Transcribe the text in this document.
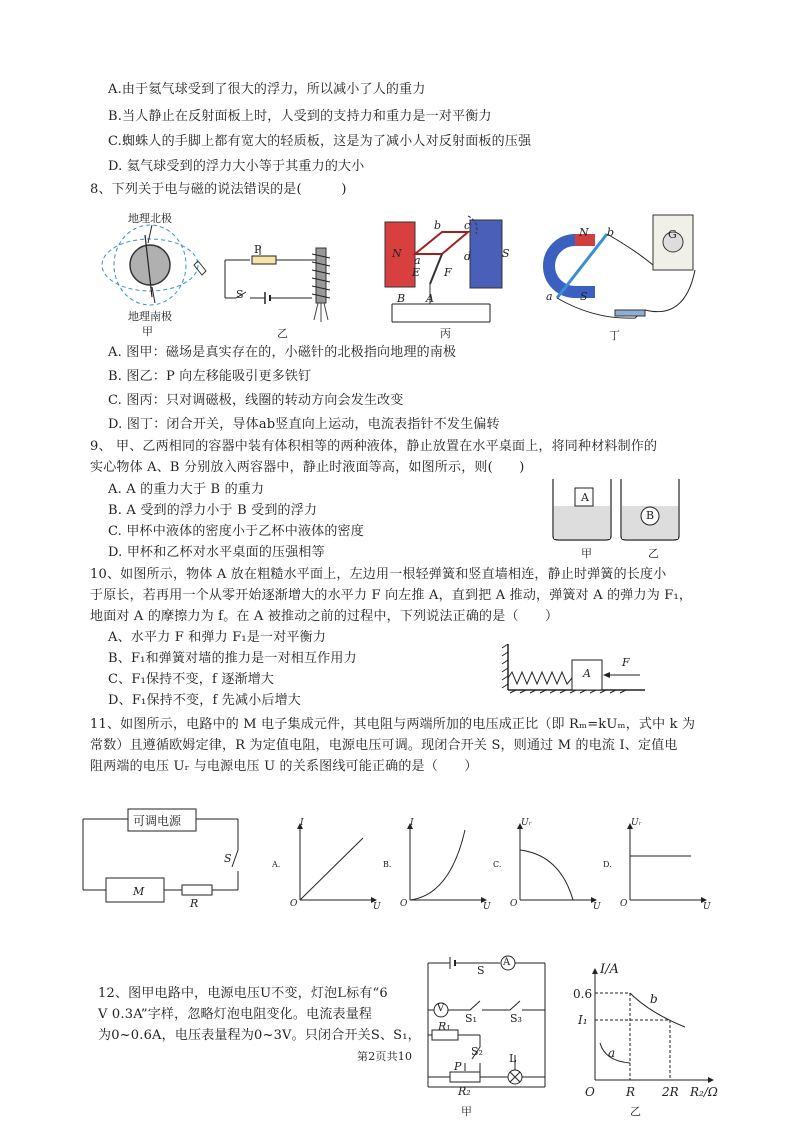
A.由于氦气球受到了很大的浮力，所以减小了人的重力
B.当人静止在反射面板上时，人受到的支持力和重力是一对平衡力
C.蜘蛛人的手脚上都有宽大的轻质板，这是为了减小人对反射面板的压强
D. 氦气球受到的浮力大小等于其重力的大小
8、下列关于电与磁的说法错误的是(　　　)
地理北极
地理南极
甲
P
S
乙
N	S
b c
a	d
E F
B A
丙
N
S
a
b	G
丁
A. 图甲：磁场是真实存在的，小磁针的北极指向地理的南极
B. 图乙：P 向左移能吸引更多铁钉
C. 图丙：只对调磁极，线圈的转动方向会发生改变
D. 图丁：闭合开关，导体ab竖直向上运动，电流表指针不发生偏转
9、 甲、乙两相同的容器中装有体积相等的两种液体，静止放置在水平桌面上，将同种材料制作的
实心物体 A、B 分别放入两容器中，静止时液面等高，如图所示，则(　　)
A. A 的重力大于 B 的重力
B. A 受到的浮力小于 B 受到的浮力
C. 甲杯中液体的密度小于乙杯中液体的密度
D. 甲杯和乙杯对水平桌面的压强相等
A
B
甲	乙
10、如图所示，物体 A 放在粗糙水平面上，左边用一根轻弹簧和竖直墙相连，静止时弹簧的长度小
于原长，若再用一个从零开始逐渐增大的水平力 F 向左推 A，直到把 A 推动，弹簧对 A 的弹力为 F₁，
地面对 A 的摩擦力为 f。在 A 被推动之前的过程中，下列说法正确的是（　　）
A、水平力 F 和弹力 F₁是一对平衡力
B、F₁和弹簧对墙的推力是一对相互作用力
C、F₁保持不变，f 逐渐增大
D、F₁保持不变，f 先减小后增大
A
F
11、如图所示，电路中的 M 电子集成元件，其电阻与两端所加的电压成正比（即 Rₘ=kUₘ，式中 k 为
常数）且遵循欧姆定律，R 为定值电阻，电源电压可调。现闭合开关 S，则通过 M 的电流 I、定值电
阻两端的电压 Uᵣ 与电源电压 U 的关系图线可能正确的是（　　）
可调电源
S
M
R
A.
I
U
O
B.
I
U
O
C.
Uᵣ
U
O
D.
Uᵣ
U
O
12、图甲电路中，电源电压U不变，灯泡L标有“6
V 0.3A”字样，忽略灯泡电阻变化。电流表量程
为0~0.6A，电压表量程为0~3V。只闭合开关S、S₁，
S
A
V
S₁	S₃
R₁
S₂
P
R₂
L
甲
I/A
0.6
I₁
a
b
O	R 2R R₂/Ω
乙
第2页共10
